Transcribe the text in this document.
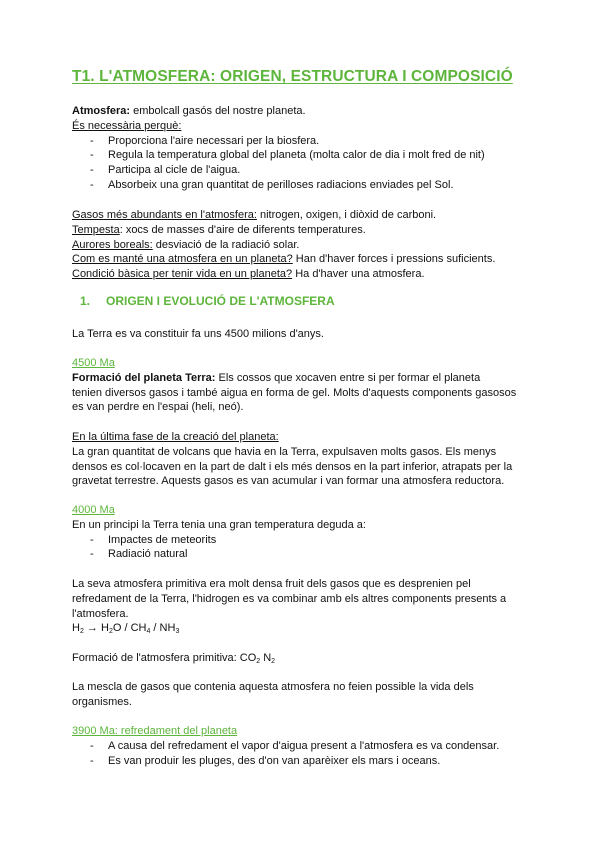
T1. L'ATMOSFERA: ORIGEN, ESTRUCTURA I COMPOSICIÓ

Atmosfera: embolcall gasós del nostre planeta.

És necessària perquè:

- Proporciona l'aire necessari per la biosfera.
- Regula la temperatura global del planeta (molta calor de dia i molt fred de nit)
- Participa al cicle de l'aigua.
- Absorbeix una gran quantitat de perilloses radiacions enviades pel Sol.

Gasos més abundants en l'atmosfera: nitrogen, oxigen, i diòxid de carboni.

Tempesta: xocs de masses d'aire de diferents temperatures.

Aurores boreals: desviació de la radiació solar.

Com es manté una atmosfera en un planeta? Han d'haver forces i pressions suficients.

Condició bàsica per tenir vida en un planeta? Ha d'haver una atmosfera.

1. ORIGEN I EVOLUCIÓ DE L'ATMOSFERA

La Terra es va constituir fa uns 4500 milions d'anys.

4500 Ma

Formació del planeta Terra: Els cossos que xocaven entre si per formar el planeta

tenien diversos gasos i també aigua en forma de gel. Molts d'aquests components gasosos

es van perdre en l'espai (heli, neó).

En la última fase de la creació del planeta:

La gran quantitat de volcans que havia en la Terra, expulsaven molts gasos. Els menys

densos es col·locaven en la part de dalt i els més densos en la part inferior, atrapats per la

gravetat terrestre. Aquests gasos es van acumular i van formar una atmosfera reductora.

4000 Ma

En un principi la Terra tenia una gran temperatura deguda a:

- Impactes de meteorits
- Radiació natural

La seva atmosfera primitiva era molt densa fruit dels gasos que es desprenien pel

refredament de la Terra, l'hidrogen es va combinar amb els altres components presents a

l'atmosfera.

$H_2 \to H_2O / CH_4 / NH_3$

Formació de l'atmosfera primitiva: $CO_2$ $N_2$

La mescla de gasos que contenia aquesta atmosfera no feien possible la vida dels

organismes.

3900 Ma: refredament del planeta

- A causa del refredament el vapor d'aigua present a l'atmosfera es va condensar.
- Es van produir les pluges, des d'on van aparèixer els mars i oceans.
